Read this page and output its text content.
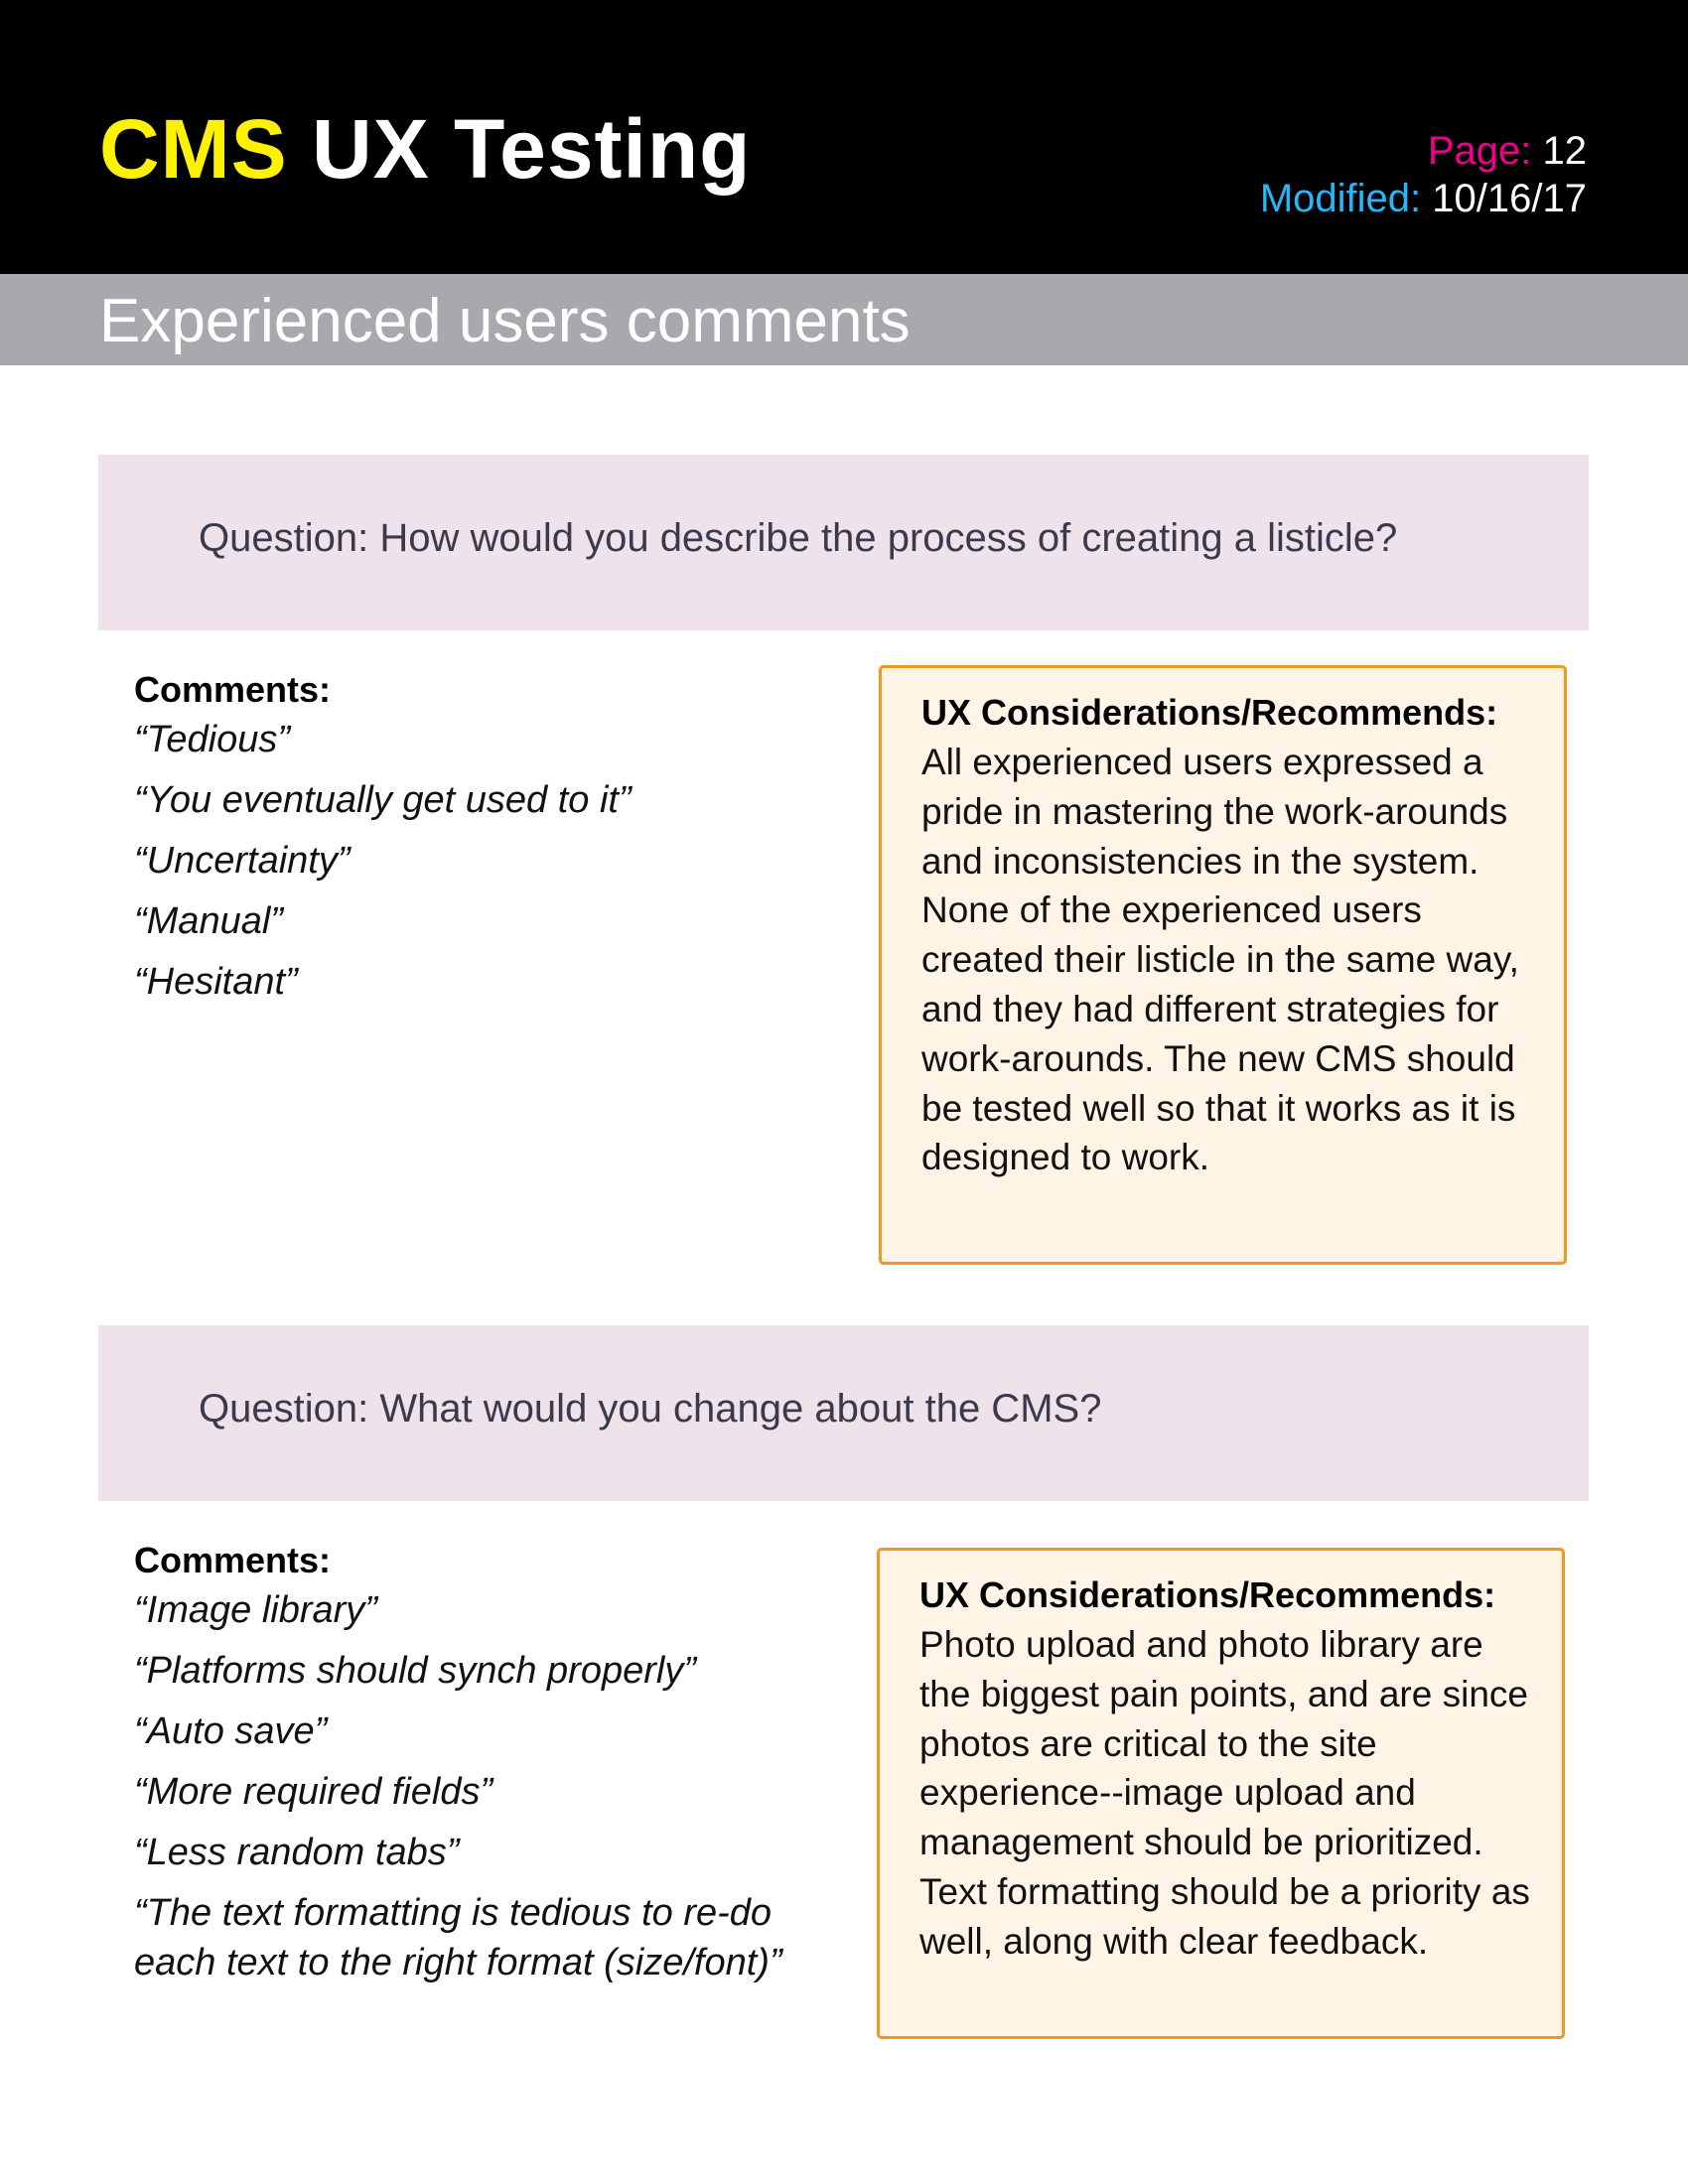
CMS UX Testing	Page: 12
Modified: 10/16/17
Experienced users comments
Question: How would you describe the process of creating a listicle?
Comments:
“Tedious”
“You eventually get used to it”
“Uncertainty”
“Manual”
“Hesitant”
UX Considerations/Recommends:
All experienced users expressed a pride in mastering the work-arounds and inconsistencies in the system. None of the experienced users created their listicle in the same way, and they had different strategies for work-arounds. The new CMS should be tested well so that it works as it is designed to work.
Question: What would you change about the CMS?
Comments:
“Image library”
“Platforms should synch properly”
“Auto save”
“More required fields”
“Less random tabs”
“The text formatting is tedious to re-do each text to the right format (size/font)”
UX Considerations/Recommends:
Photo upload and photo library are the biggest pain points, and are since photos are critical to the site experience--image upload and management should be prioritized. Text formatting should be a priority as well, along with clear feedback.
